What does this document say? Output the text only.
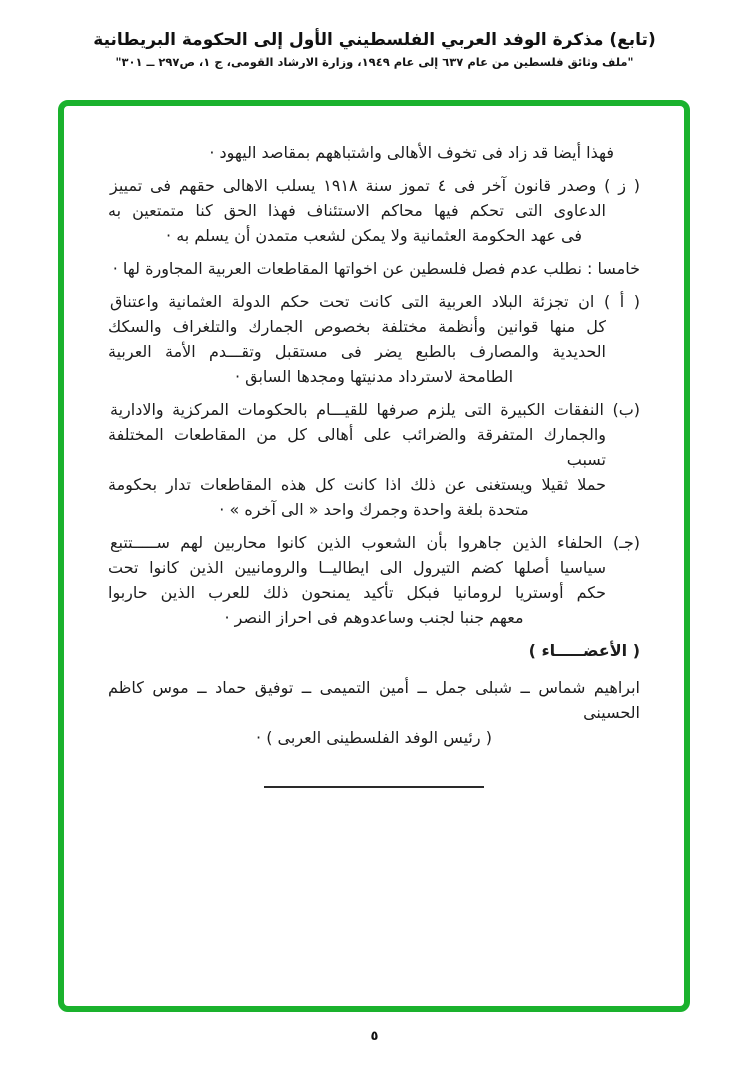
(تابع) مذكرة الوفد العربي الفلسطيني الأول إلى الحكومة البريطانية
"ملف وثائق فلسطين من عام ٦٣٧ إلى عام ١٩٤٩، وزارة الارشاد القومى، ج ١، ص٢٩٧ ــ ٣٠١"
فهذا أيضا قد زاد فى تخوف الأهالى واشتباههم بمقاصد اليهود ·
( ز ) وصدر قانون آخر فى ٤ تموز سنة ١٩١٨ يسلب الاهالى حقهم فى تمييز
الدعاوى التى تحكم فيها محاكم الاستئناف فهذا الحق كنا متمتعين به
فى عهد الحكومة العثمانية ولا يمكن لشعب متمدن أن يسلم به ·
خامسا : نطلب عدم فصل فلسطين عن اخواتها المقاطعات العربية المجاورة لها ·
( أ ) ان تجزئة البلاد العربية التى كانت تحت حكم الدولة العثمانية واعتناق
كل منها قوانين وأنظمة مختلفة بخصوص الجمارك والتلغراف والسكك
الحديدية والمصارف بالطبع يضر فى مستقبل وتقـــدم الأمة العربية
الطامحة لاسترداد مدنيتها ومجدها السابق ·
(ب) النفقات الكبيرة التى يلزم صرفها للقيـــام بالحكومات المركزية والادارية
والجمارك المتفرقة والضرائب على أهالى كل من المقاطعات المختلفة تسبب
حملا ثقيلا ويستغنى عن ذلك اذا كانت كل هذه المقاطعات تدار بحكومة
متحدة بلغة واحدة وجمرك واحد « الى آخره » ·
(جـ) الحلفاء الذين جاهروا بأن الشعوب الذين كانوا محاربين لهم ســـــتتبع
سياسيا أصلها كضم التيرول الى ايطاليــا والرومانيين الذين كانوا تحت
حكم أوستريا لرومانيا فبكل تأكيد يمنحون ذلك للعرب الذين حاربوا
معهم جنبا لجنب وساعدوهم فى احراز النصر ·
( الأعضـــــاء )
ابراهيم شماس ــ شبلى جمل ــ أمين التميمى ــ توفيق حماد ــ موس كاظم الحسينى
( رئيس الوفد الفلسطينى العربى ) ·
٥
